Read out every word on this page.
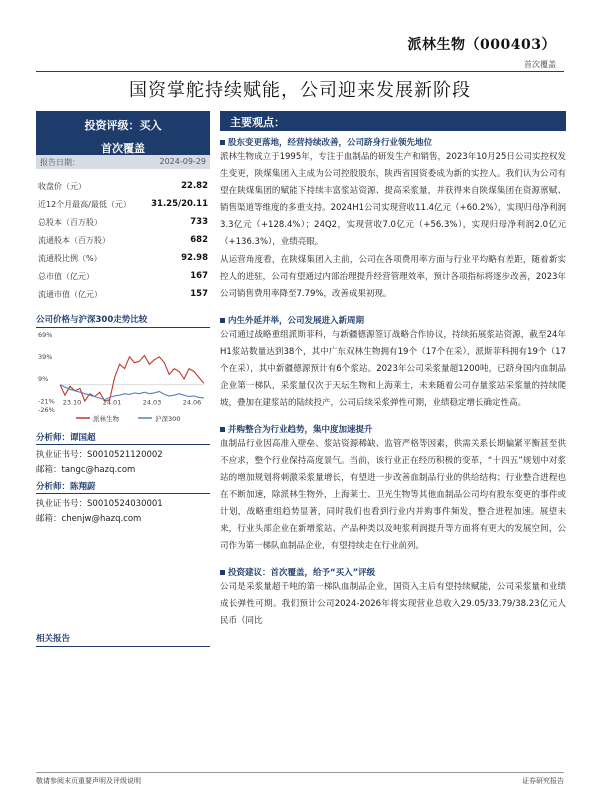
派林生物（000403）
首次覆盖
国资掌舵持续赋能，公司迎来发展新阶段
投资评级：买入
首次覆盖
报告日期：	2024-09-29
收盘价（元）	22.82
近12个月最高/最低（元） 31.25/20.11
总股本（百万股）	733
流通股本（百万股）	682
流通股比例（%）	92.98
总市值（亿元）	167
流通市值（亿元）	157
公司价格与沪深300走势比较
69%
39%
9%
-21%
-26%
23.10	24.01	24.03	24.06
派林生物	沪深300
分析师：谭国超
执业证书号：S0010521120002
邮箱：tangc@hazq.com
分析师：陈翔蔚
执业证书号：S0010524030001
邮箱：chenjw@hazq.com
相关报告
主要观点：
股东变更落地，经营持续改善，公司跻身行业领先地位
派林生物成立于1995年，专注于血制品的研发生产和销售，2023年10月25日公司实控权发生变更，陕煤集团入主成为公司控股股东，陕西省国资委成为新的实控人。我们认为公司有望在陕煤集团的赋能下持续丰富浆站资源、提高采浆量，并获得来自陕煤集团在资源禀赋、销售渠道等维度的多重支持。2024H1公司实现营收11.4亿元（+60.2%），实现归母净利润3.3亿元（+128.4%）；24Q2，实现营收7.0亿元（+56.3%），实现归母净利润2.0亿元（+136.3%），业绩亮眼。
从运营角度看，在陕煤集团入主前，公司在各项费用率方面与行业平均略有差距，随着新实控人的进驻，公司有望通过内部治理提升经营管理效率，预计各项指标将逐步改善，2023年公司销售费用率降至7.79%，改善成果初现。
内生外延并举，公司发展进入新周期
公司通过战略重组派斯菲科，与新疆德源签订战略合作协议，持续拓展浆站资源，截至24年H1浆站数量达到38个，其中广东双林生物拥有19个（17个在采），派斯菲科拥有19个（17个在采），其中新疆德源预计有6个浆站。2023年公司采浆量超1200吨，已跻身国内血制品企业第一梯队，采浆量仅次于天坛生物和上海莱士，未来随着公司存量浆站采浆量的持续爬坡，叠加在建浆站的陆续投产，公司后续采浆弹性可期，业绩稳定增长确定性高。
并购整合为行业趋势，集中度加速提升
血制品行业因高准入壁垒、浆站资源稀缺、监管严格等因素，供需关系长期偏紧平衡甚至供不应求，整个行业保持高度景气。当前，该行业正在经历积极的变革，“十四五”规划中对浆站的增加规划将刺激采浆量增长，有望进一步改善血制品行业的供给结构；行业整合进程也在不断加速，除派林生物外，上海莱士、卫光生物等其他血制品公司均有股东变更的事件或计划，战略重组趋势显著，同时我们也看到行业内并购事件频发，整合进程加速。展望未来，行业头部企业在新增浆站、产品种类以及吨浆利润提升等方面将有更大的发展空间，公司作为第一梯队血制品企业，有望持续走在行业前列。
投资建议：首次覆盖，给予“买入”评级
公司是采浆量超千吨的第一梯队血制品企业，国资入主后有望持续赋能，公司采浆量和业绩成长弹性可期。我们预计公司2024-2026年将实现营业总收入29.05/33.79/38.23亿元人民币（同比
敬请参阅末页重要声明及评级说明	证券研究报告
